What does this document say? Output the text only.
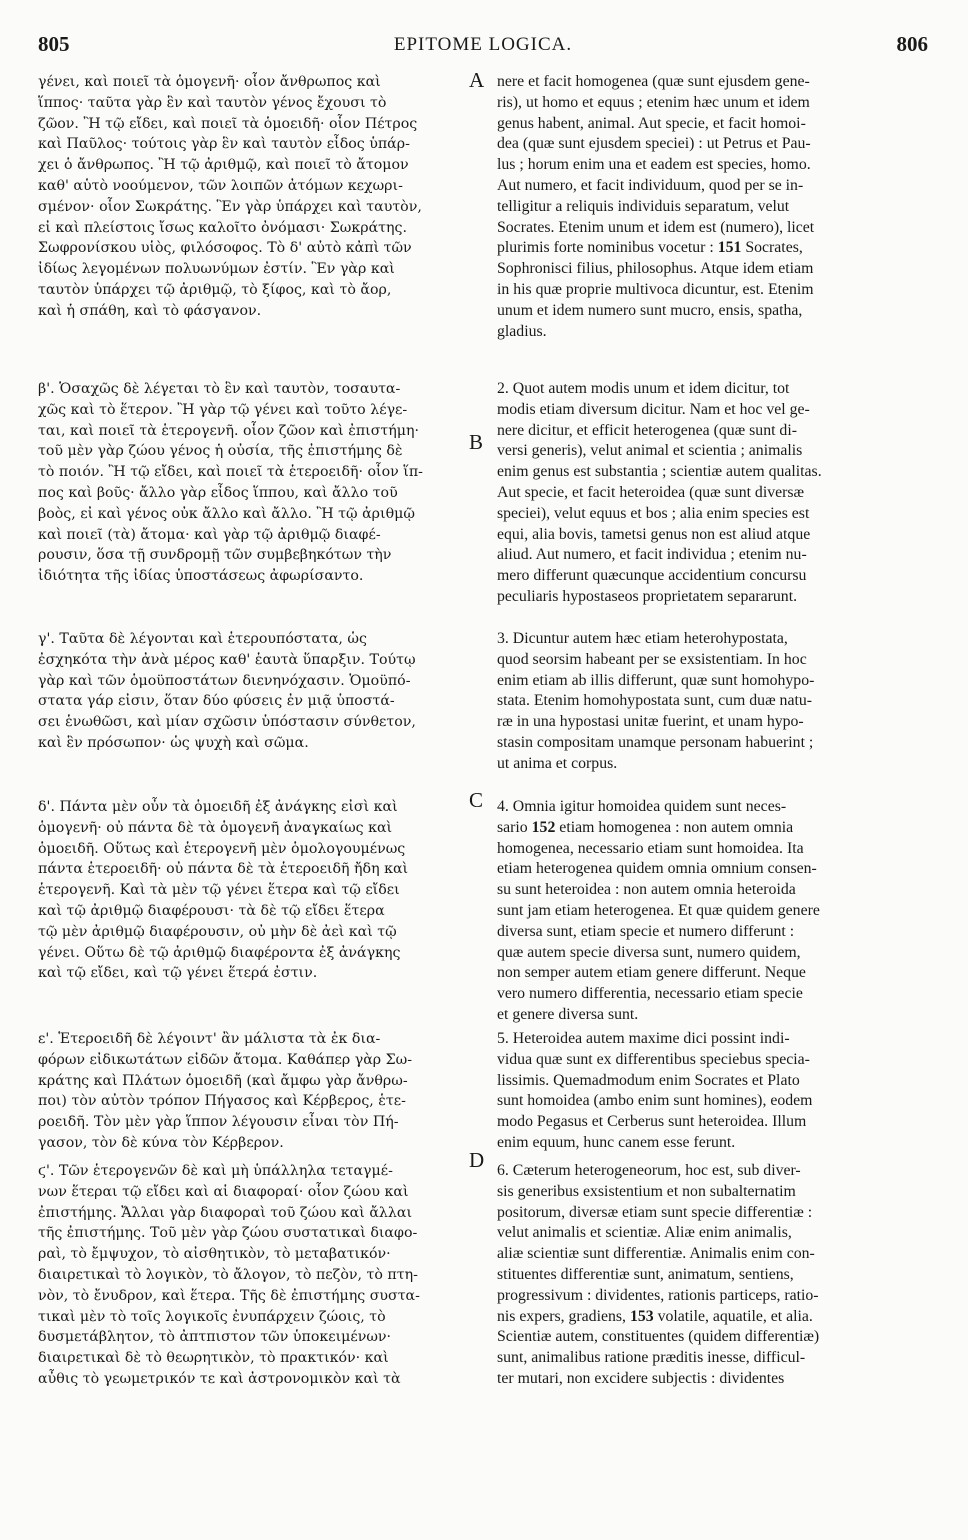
805	EPITOME LOGICA.	806
γένει, καὶ ποιεῖ τὰ ὁμογενῆ· οἷον ἄνθρωπος καὶ
ἵππος· ταῦτα γὰρ ἓν καὶ ταυτὸν γένος ἔχουσι τὸ
ζῶον. Ἢ τῷ εἴδει, καὶ ποιεῖ τὰ ὁμοειδῆ· οἷον Πέτρος
καὶ Παῦλος· τούτοις γὰρ ἓν καὶ ταυτὸν εἶδος ὑπάρ-
χει ὁ ἄνθρωπος. Ἢ τῷ ἀριθμῷ, καὶ ποιεῖ τὸ ἄτομον
καθ' αὑτὸ νοούμενον, τῶν λοιπῶν ἀτόμων κεχωρι-
σμένον· οἷον Σωκράτης. Ἓν γὰρ ὑπάρχει καὶ ταυτὸν,
εἰ καὶ πλείστοις ἴσως καλοῖτο ὀνόμασι· Σωκράτης.
Σωφρονίσκου υἱὸς, φιλόσοφος. Τὸ δ' αὐτὸ κἀπὶ τῶν
ἰδίως λεγομένων πολυωνύμων ἐστίν. Ἓν γὰρ καὶ
ταυτὸν ὑπάρχει τῷ ἀριθμῷ, τὸ ξίφος, καὶ τὸ ἄορ,
καὶ ἡ σπάθη, καὶ τὸ φάσγανον.
β'. Ὁσαχῶς δὲ λέγεται τὸ ἓν καὶ ταυτὸν, τοσαυτα-
χῶς καὶ τὸ ἕτερον. Ἢ γὰρ τῷ γένει καὶ τοῦτο λέγε-
ται, καὶ ποιεῖ τὰ ἑτερογενῆ. οἷον ζῶον καὶ ἐπιστήμη·
τοῦ μὲν γὰρ ζώου γένος ἡ οὐσία, τῆς ἐπιστήμης δὲ
τὸ ποιόν. Ἢ τῷ εἴδει, καὶ ποιεῖ τὰ ἑτεροειδῆ· οἷον ἵπ-
πος καὶ βοῦς· ἄλλο γὰρ εἶδος ἵππου, καὶ ἄλλο τοῦ
βοὸς, εἰ καὶ γένος οὐκ ἄλλο καὶ ἄλλο. Ἢ τῷ ἀριθμῷ
καὶ ποιεῖ (τὰ) ἄτομα· καὶ γὰρ τῷ ἀριθμῷ διαφέ-
ρουσιν, ὅσα τῇ συνδρομῇ τῶν συμβεβηκότων τὴν
ἰδιότητα τῆς ἰδίας ὑποστάσεως ἀφωρίσαντο.
γ'. Ταῦτα δὲ λέγονται καὶ ἑτερουπόστατα, ὡς
ἐσχηκότα τὴν ἀνὰ μέρος καθ' ἑαυτὰ ὕπαρξιν. Τούτῳ
γὰρ καὶ τῶν ὁμοϋποστάτων διενηνόχασιν. Ὁμοϋπό-
στατα γάρ εἰσιν, ὅταν δύο φύσεις ἐν μιᾷ ὑποστά-
σει ἑνωθῶσι, καὶ μίαν σχῶσιν ὑπόστασιν σύνθετον,
καὶ ἓν πρόσωπον· ὡς ψυχὴ καὶ σῶμα.
δ'. Πάντα μὲν οὖν τὰ ὁμοειδῆ ἐξ ἀνάγκης εἰσὶ καὶ
ὁμογενῆ· οὐ πάντα δὲ τὰ ὁμογενῆ ἀναγκαίως καὶ
ὁμοειδῆ. Οὕτως καὶ ἑτερογενῆ μὲν ὁμολογουμένως
πάντα ἑτεροειδῆ· οὐ πάντα δὲ τὰ ἑτεροειδῆ ἤδη καὶ
ἑτερογενῆ. Καὶ τὰ μὲν τῷ γένει ἕτερα καὶ τῷ εἴδει
καὶ τῷ ἀριθμῷ διαφέρουσι· τὰ δὲ τῷ εἴδει ἕτερα
τῷ μὲν ἀριθμῷ διαφέρουσιν, οὐ μὴν δὲ ἀεὶ καὶ τῷ
γένει. Οὕτω δὲ τῷ ἀριθμῷ διαφέροντα ἐξ ἀνάγκης
καὶ τῷ εἴδει, καὶ τῷ γένει ἕτερά ἐστιν.
ε'. Ἑτεροειδῆ δὲ λέγοιντ' ἂν μάλιστα τὰ ἐκ δια-
φόρων εἰδικωτάτων εἰδῶν ἄτομα. Καθάπερ γὰρ Σω-
κράτης καὶ Πλάτων ὁμοειδῆ (καὶ ἄμφω γὰρ ἄνθρω-
ποι) τὸν αὐτὸν τρόπον Πήγασος καὶ Κέρβερος, ἑτε-
ροειδῆ. Τὸν μὲν γὰρ ἵππον λέγουσιν εἶναι τὸν Πή-
γασον, τὸν δὲ κύνα τὸν Κέρβερον.
ϛ'. Τῶν ἑτερογενῶν δὲ καὶ μὴ ὑπάλληλα τεταγμέ-
νων ἕτεραι τῷ εἴδει καὶ αἱ διαφοραί· οἷον ζώου καὶ
ἐπιστήμης. Ἄλλαι γὰρ διαφοραὶ τοῦ ζώου καὶ ἄλλαι
τῆς ἐπιστήμης. Τοῦ μὲν γὰρ ζώου συστατικαὶ διαφο-
ραὶ, τὸ ἔμψυχον, τὸ αἰσθητικὸν, τὸ μεταβατικόν·
διαιρετικαὶ τὸ λογικὸν, τὸ ἄλογον, τὸ πεζὸν, τὸ πτη-
νὸν, τὸ ἔνυδρον, καὶ ἕτερα. Τῆς δὲ ἐπιστήμης συστα-
τικαὶ μὲν τὸ τοῖς λογικοῖς ἐνυπάρχειν ζώοις, τὸ
δυσμετάβλητον, τὸ ἀπτπιστον τῶν ὑποκειμένων·
διαιρετικαὶ δὲ τὸ θεωρητικὸν, τὸ πρακτικόν· καὶ
αὖθις τὸ γεωμετρικόν τε καὶ ἀστρονομικὸν καὶ τὰ
nere et facit homogenea (quæ sunt ejusdem gene-
ris), ut homo et equus ; etenim hæc unum et idem
genus habent, animal. Aut specie, et facit homoi-
dea (quæ sunt ejusdem speciei) : ut Petrus et Pau-
lus ; horum enim una et eadem est species, homo.
Aut numero, et facit individuum, quod per se in-
telligitur a reliquis individuis separatum, velut
Socrates. Etenim unum et idem est (numero), licet
plurimis forte nominibus vocetur : 151 Socrates,
Sophronisci filius, philosophus. Atque idem etiam
in his quæ proprie multivoca dicuntur, est. Etenim
unum et idem numero sunt mucro, ensis, spatha,
gladius.
2. Quot autem modis unum et idem dicitur, tot
modis etiam diversum dicitur. Nam et hoc vel ge-
nere dicitur, et efficit heterogenea (quæ sunt di-
versi generis), velut animal et scientia ; animalis
enim genus est substantia ; scientiæ autem qualitas.
Aut specie, et facit heteroidea (quæ sunt diversæ
speciei), velut equus et bos ; alia enim species est
equi, alia bovis, tametsi genus non est aliud atque
aliud. Aut numero, et facit individua ; etenim nu-
mero differunt quæcunque accidentium concursu
peculiaris hypostaseos proprietatem separarunt.
3. Dicuntur autem hæc etiam heterohypostata,
quod seorsim habeant per se exsistentiam. In hoc
enim etiam ab illis differunt, quæ sunt homohypo-
stata. Etenim homohypostata sunt, cum duæ natu-
ræ in una hypostasi unitæ fuerint, et unam hypo-
stasin compositam unamque personam habuerint ;
ut anima et corpus.
4. Omnia igitur homoidea quidem sunt neces-
sario 152 etiam homogenea : non autem omnia
homogenea, necessario etiam sunt homoidea. Ita
etiam heterogenea quidem omnia omnium consen-
su sunt heteroidea : non autem omnia heteroida
sunt jam etiam heterogenea. Et quæ quidem genere
diversa sunt, etiam specie et numero differunt :
quæ autem specie diversa sunt, numero quidem,
non semper autem etiam genere differunt. Neque
vero numero differentia, necessario etiam specie
et genere diversa sunt.
5. Heteroidea autem maxime dici possint indi-
vidua quæ sunt ex differentibus speciebus specia-
lissimis. Quemadmodum enim Socrates et Plato
sunt homoidea (ambo enim sunt homines), eodem
modo Pegasus et Cerberus sunt heteroidea. Illum
enim equum, hunc canem esse ferunt.
6. Cæterum heterogeneorum, hoc est, sub diver-
sis generibus exsistentium et non subalternatim
positorum, diversæ etiam sunt specie differentiæ :
velut animalis et scientiæ. Aliæ enim animalis,
aliæ scientiæ sunt differentiæ. Animalis enim con-
stituentes differentiæ sunt, animatum, sentiens,
progressivum : dividentes, rationis particeps, ratio-
nis expers, gradiens, 153 volatile, aquatile, et alia.
Scientiæ autem, constituentes (quidem differentiæ)
sunt, animalibus ratione præditis inesse, difficul-
ter mutari, non excidere subjectis : dividentes
A
B
C
D
